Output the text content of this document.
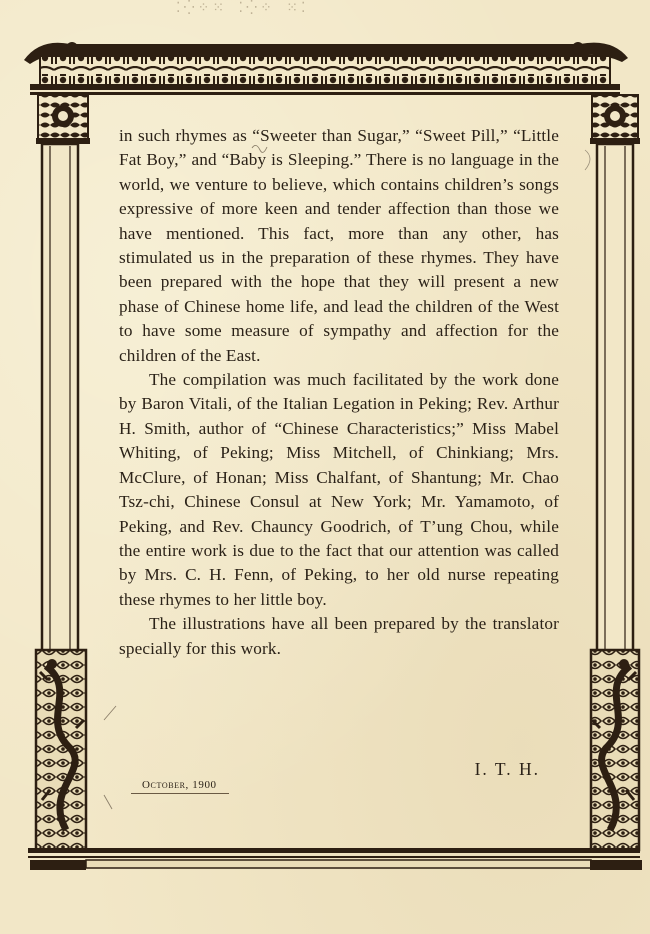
⁚⁛⁘⁙ ⁚⁛⁘ ⁙⁚

in such rhymes as “Sweeter than Sugar,” “Sweet Pill,” “Little Fat Boy,” and “Baby is Sleeping.” There is no language in the world, we venture to believe, which contains children’s songs expressive of more keen and tender affection than those we have mentioned. This fact, more than any other, has stimulated us in the preparation of these rhymes. They have been prepared with the hope that they will present a new phase of Chinese home life, and lead the children of the West to have some measure of sympathy and affection for the children of the East.

The compilation was much facilitated by the work done by Baron Vitali, of the Italian Legation in Peking; Rev. Arthur H. Smith, author of “Chinese Characteristics;” Miss Mabel Whiting, of Peking; Miss Mitchell, of Chinkiang; Mrs. McClure, of Honan; Miss Chalfant, of Shantung; Mr. Chao Tsz-chi, Chinese Consul at New York; Mr. Yamamoto, of Peking, and Rev. Chauncy Goodrich, of T’ung Chou, while the entire work is due to the fact that our attention was called by Mrs. C. H. Fenn, of Peking, to her old nurse repeating these rhymes to her little boy.

The illustrations have all been prepared by the translator specially for this work.

I. T. H.
October, 1900
